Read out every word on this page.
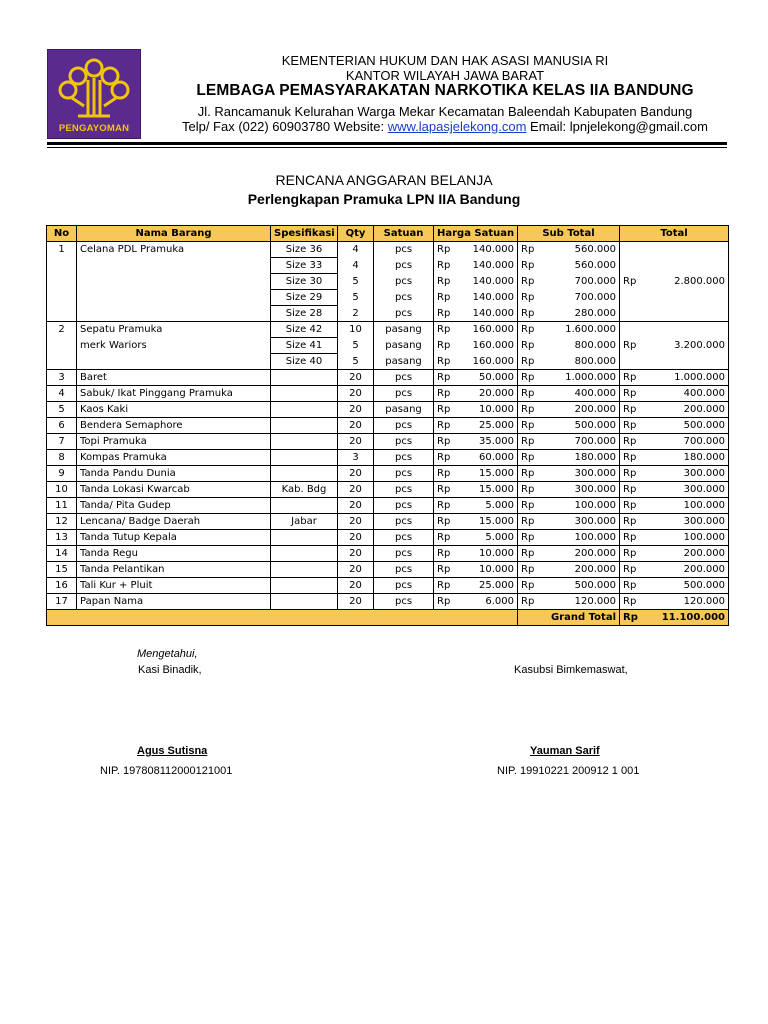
PENGAYOMAN
KEMENTERIAN HUKUM DAN HAK ASASI MANUSIA RI
KANTOR WILAYAH JAWA BARAT
LEMBAGA PEMASYARAKATAN NARKOTIKA KELAS IIA BANDUNG
Jl. Rancamanuk Kelurahan Warga Mekar Kecamatan Baleendah Kabupaten Bandung
Telp/ Fax (022) 60903780 Website: www.lapasjelekong.com Email: lpnjelekong@gmail.com
RENCANA ANGGARAN BELANJA
Perlengkapan Pramuka LPN IIA Bandung
No	Nama Barang	Spesifikasi	Qty	Satuan	Harga Satuan	Sub Total	Total
1	Celana PDL Pramuka	Size 36	4	pcs	Rp 140.000	Rp 560.000	Rp 2.800.000
		Size 33	4	pcs	Rp 140.000	Rp 560.000	
		Size 30	5	pcs	Rp 140.000	Rp 700.000	
		Size 29	5	pcs	Rp 140.000	Rp 700.000	
		Size 28	2	pcs	Rp 140.000	Rp 280.000	
2	Sepatu Pramuka	Size 42	10	pasang	Rp 160.000	Rp 1.600.000	Rp 3.200.000
	merk Wariors	Size 41	5	pasang	Rp 160.000	Rp 800.000	
		Size 40	5	pasang	Rp 160.000	Rp 800.000	
3	Baret		20	pcs	Rp 50.000	Rp 1.000.000	Rp 1.000.000
4	Sabuk/ Ikat Pinggang Pramuka		20	pcs	Rp 20.000	Rp 400.000	Rp 400.000
5	Kaos Kaki		20	pasang	Rp 10.000	Rp 200.000	Rp 200.000
6	Bendera Semaphore		20	pcs	Rp 25.000	Rp 500.000	Rp 500.000
7	Topi Pramuka		20	pcs	Rp 35.000	Rp 700.000	Rp 700.000
8	Kompas Pramuka		3	pcs	Rp 60.000	Rp 180.000	Rp 180.000
9	Tanda Pandu Dunia		20	pcs	Rp 15.000	Rp 300.000	Rp 300.000
10	Tanda Lokasi Kwarcab	Kab. Bdg	20	pcs	Rp 15.000	Rp 300.000	Rp 300.000
11	Tanda/ Pita Gudep		20	pcs	Rp 5.000	Rp 100.000	Rp 100.000
12	Lencana/ Badge Daerah	Jabar	20	pcs	Rp 15.000	Rp 300.000	Rp 300.000
13	Tanda Tutup Kepala		20	pcs	Rp 5.000	Rp 100.000	Rp 100.000
14	Tanda Regu		20	pcs	Rp 10.000	Rp 200.000	Rp 200.000
15	Tanda Pelantikan		20	pcs	Rp 10.000	Rp 200.000	Rp 200.000
16	Tali Kur + Pluit		20	pcs	Rp 25.000	Rp 500.000	Rp 500.000
17	Papan Nama		20	pcs	Rp 6.000	Rp 120.000	Rp 120.000
						Grand Total	Rp 11.100.000
Mengetahui,
Kasi Binadik,	Kasubsi Bimkemaswat,
Agus Sutisna	Yauman Sarif
NIP. 197808112000121001	NIP. 19910221 200912 1 001
